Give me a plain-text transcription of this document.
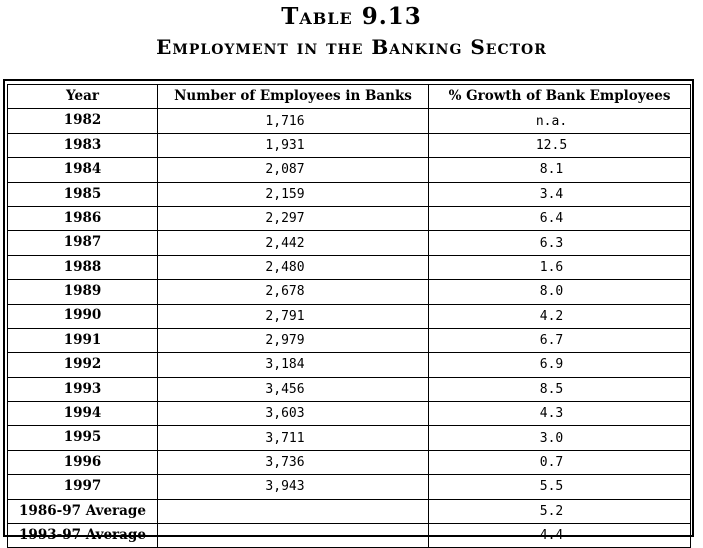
Table 9.13
Employment in the Banking Sector
Year	Number of Employees in Banks	% Growth of Bank Employees
1982	1,716	n.a.
1983	1,931	12.5
1984	2,087	8.1
1985	2,159	3.4
1986	2,297	6.4
1987	2,442	6.3
1988	2,480	1.6
1989	2,678	8.0
1990	2,791	4.2
1991	2,979	6.7
1992	3,184	6.9
1993	3,456	8.5
1994	3,603	4.3
1995	3,711	3.0
1996	3,736	0.7
1997	3,943	5.5
1986-97 Average		5.2
1993-97 Average		4.4
